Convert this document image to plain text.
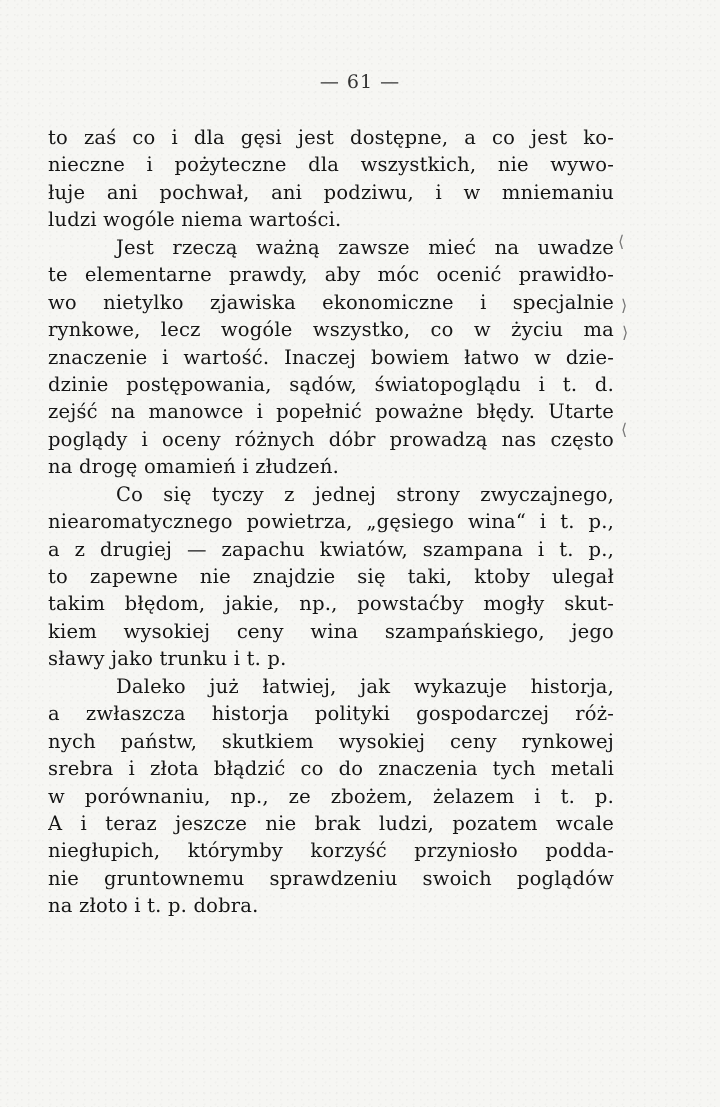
— 61 —
to zaś co i dla gęsi jest dostępne, a co jest ko-
nieczne i pożyteczne dla wszystkich, nie wywo-
łuje ani pochwał, ani podziwu, i w mniemaniu
ludzi wogóle niema wartości.
Jest rzeczą ważną zawsze mieć na uwadze
te elementarne prawdy, aby móc ocenić prawidło-
wo nietylko zjawiska ekonomiczne i specjalnie
rynkowe, lecz wogóle wszystko, co w życiu ma
znaczenie i wartość. Inaczej bowiem łatwo w dzie-
dzinie postępowania, sądów, światopoglądu i t. d.
zejść na manowce i popełnić poważne błędy. Utarte
poglądy i oceny różnych dóbr prowadzą nas często
na drogę omamień i złudzeń.
Co się tyczy z jednej strony zwyczajnego,
niearomatycznego powietrza, „gęsiego wina“ i t. p.,
a z drugiej — zapachu kwiatów, szampana i t. p.,
to zapewne nie znajdzie się taki, ktoby ulegał
takim błędom, jakie, np., powstaćby mogły skut-
kiem wysokiej ceny wina szampańskiego, jego
sławy jako trunku i t. p.
Daleko już łatwiej, jak wykazuje historja,
a zwłaszcza historja polityki gospodarczej róż-
nych państw, skutkiem wysokiej ceny rynkowej
srebra i złota błądzić co do znaczenia tych metali
w porównaniu, np., ze zbożem, żelazem i t. p.
A i teraz jeszcze nie brak ludzi, pozatem wcale
niegłupich, którymby korzyść przyniosło podda-
nie gruntownemu sprawdzeniu swoich poglądów
na złoto i t. p. dobra.
⟨
⟩
⟩
⟨
